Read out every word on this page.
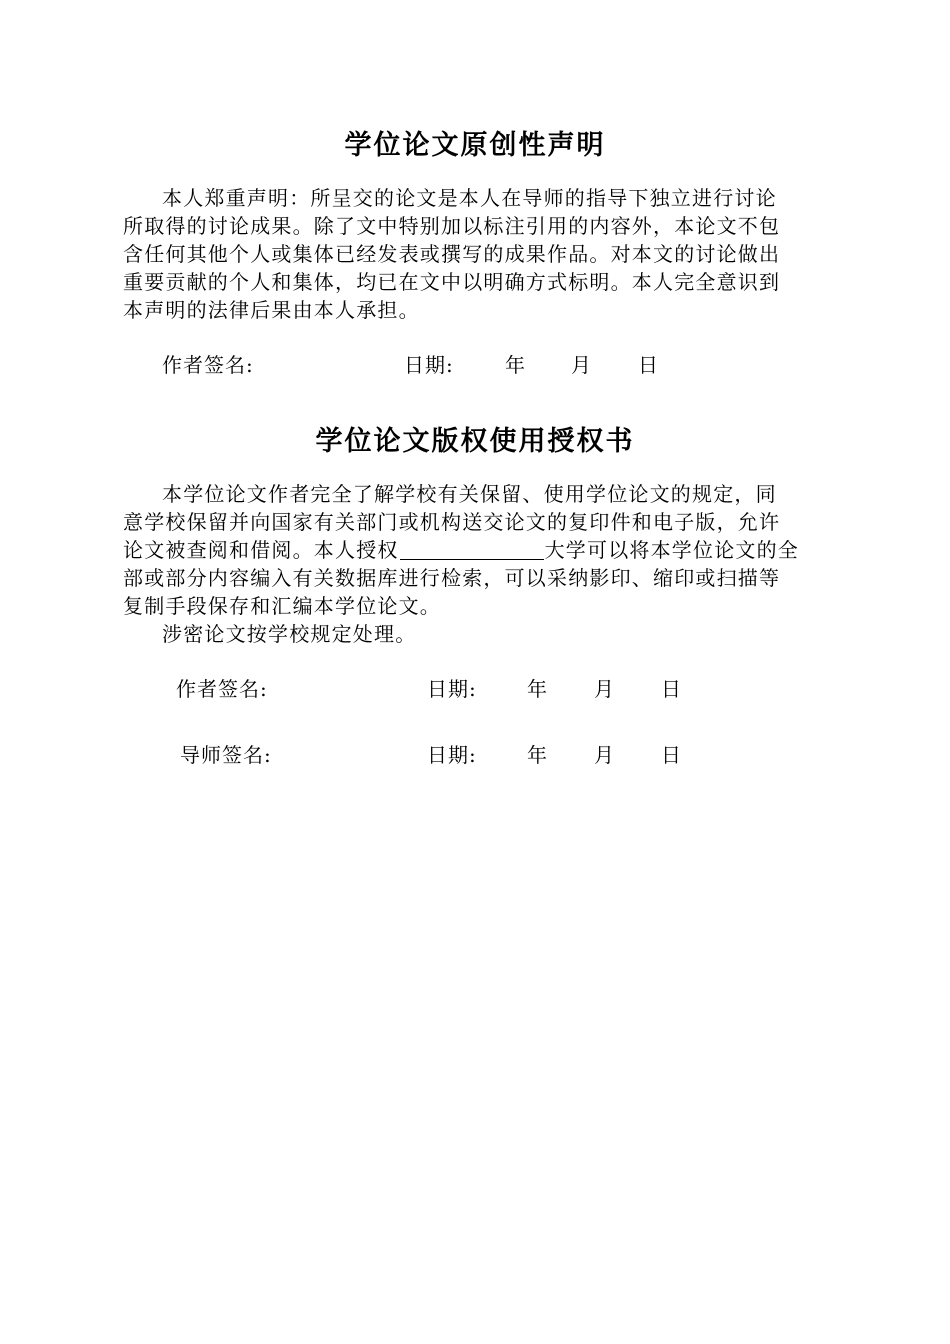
学位论文原创性声明
本人郑重声明：所呈交的论文是本人在导师的指导下独立进行讨论
所取得的讨论成果。除了文中特别加以标注引用的内容外，本论文不包
含任何其他个人或集体已经发表或撰写的成果作品。对本文的讨论做出
重要贡献的个人和集体，均已在文中以明确方式标明。本人完全意识到
本声明的法律后果由本人承担。
作者签名:	日期:	年 月 日
学位论文版权使用授权书
本学位论文作者完全了解学校有关保留、使用学位论文的规定，同
意学校保留并向国家有关部门或机构送交论文的复印件和电子版，允许
论文被查阅和借阅。本人授权	大学可以将本学位论文的全
部或部分内容编入有关数据库进行检索，可以采纳影印、缩印或扫描等
复制手段保存和汇编本学位论文。
涉密论文按学校规定处理。
作者签名:	日期:	年 月 日
导师签名:	日期:	年 月 日
